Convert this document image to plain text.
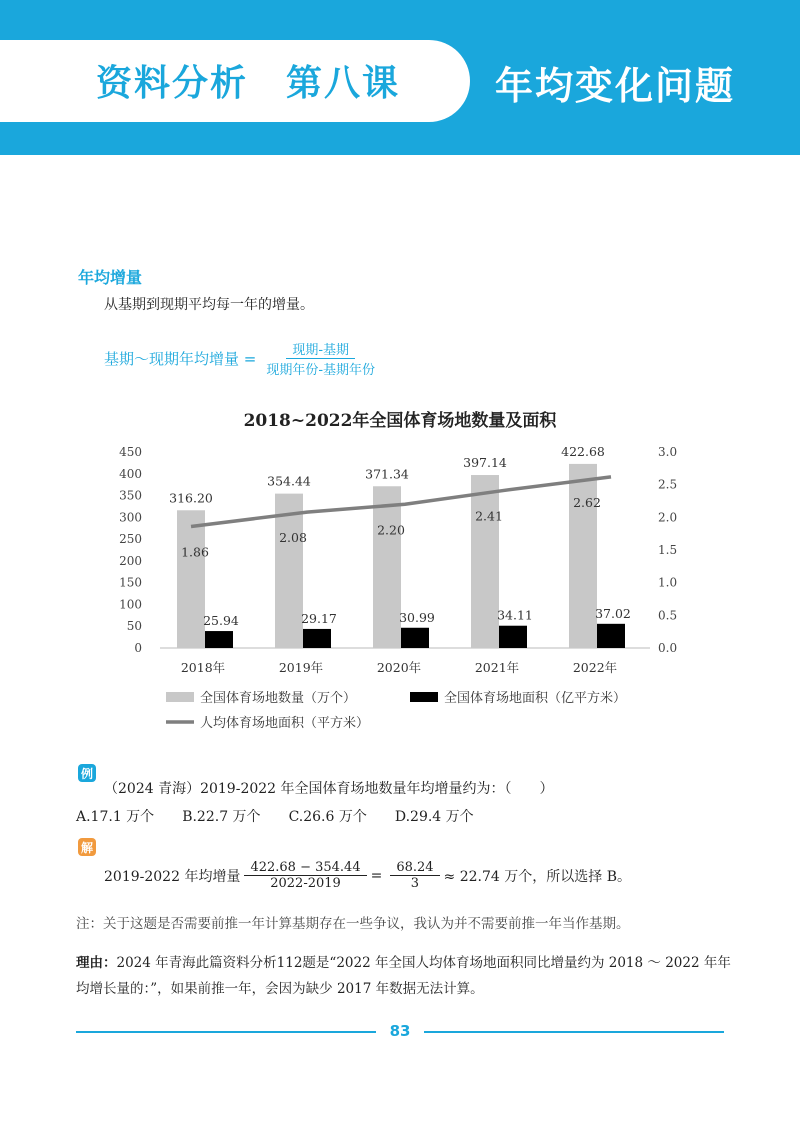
资料分析　第八课 年均变化问题
年均增量
从基期到现期平均每一年的增量。
基期～现期年均增量 = $\frac{\text{现期-基期}}{\text{现期年份-基期年份}}$
2018~2022年全国体育场地数量及面积
0
50
100
150
200
250
300
350
400
450
0.0
0.5
1.0
1.5
2.0
2.5
3.0
316.20
354.44	371.34
397.14
422.68
25.94	29.17	30.99	34.11	37.02
1.86
2.08
2.20
2.41
2.62
2018年	2019年	2020年	2021年	2022年
全国体育场地数量（万个）	全国体育场地面积（亿平方米）
人均体育场地面积（平方米）
例
（2024 青海）2019-2022 年全国体育场地数量年均增量约为：（　　）
A.17.1 万个 B.22.7 万个 C.26.6 万个 D.29.4 万个
解
2019-2022 年均增量 $\frac{422.68 - 354.44}{2022-2019} = \frac{68.24}{3} \approx 22.74$ 万个，所以选择 B。
注：关于这题是否需要前推一年计算基期存在一些争议，我认为并不需要前推一年当作基期。
理由：2024 年青海此篇资料分析112题是“2022 年全国人均体育场地面积同比增量约为 2018 ～ 2022 年年均增长量的：”，如果前推一年，会因为缺少 2017 年数据无法计算。
83
